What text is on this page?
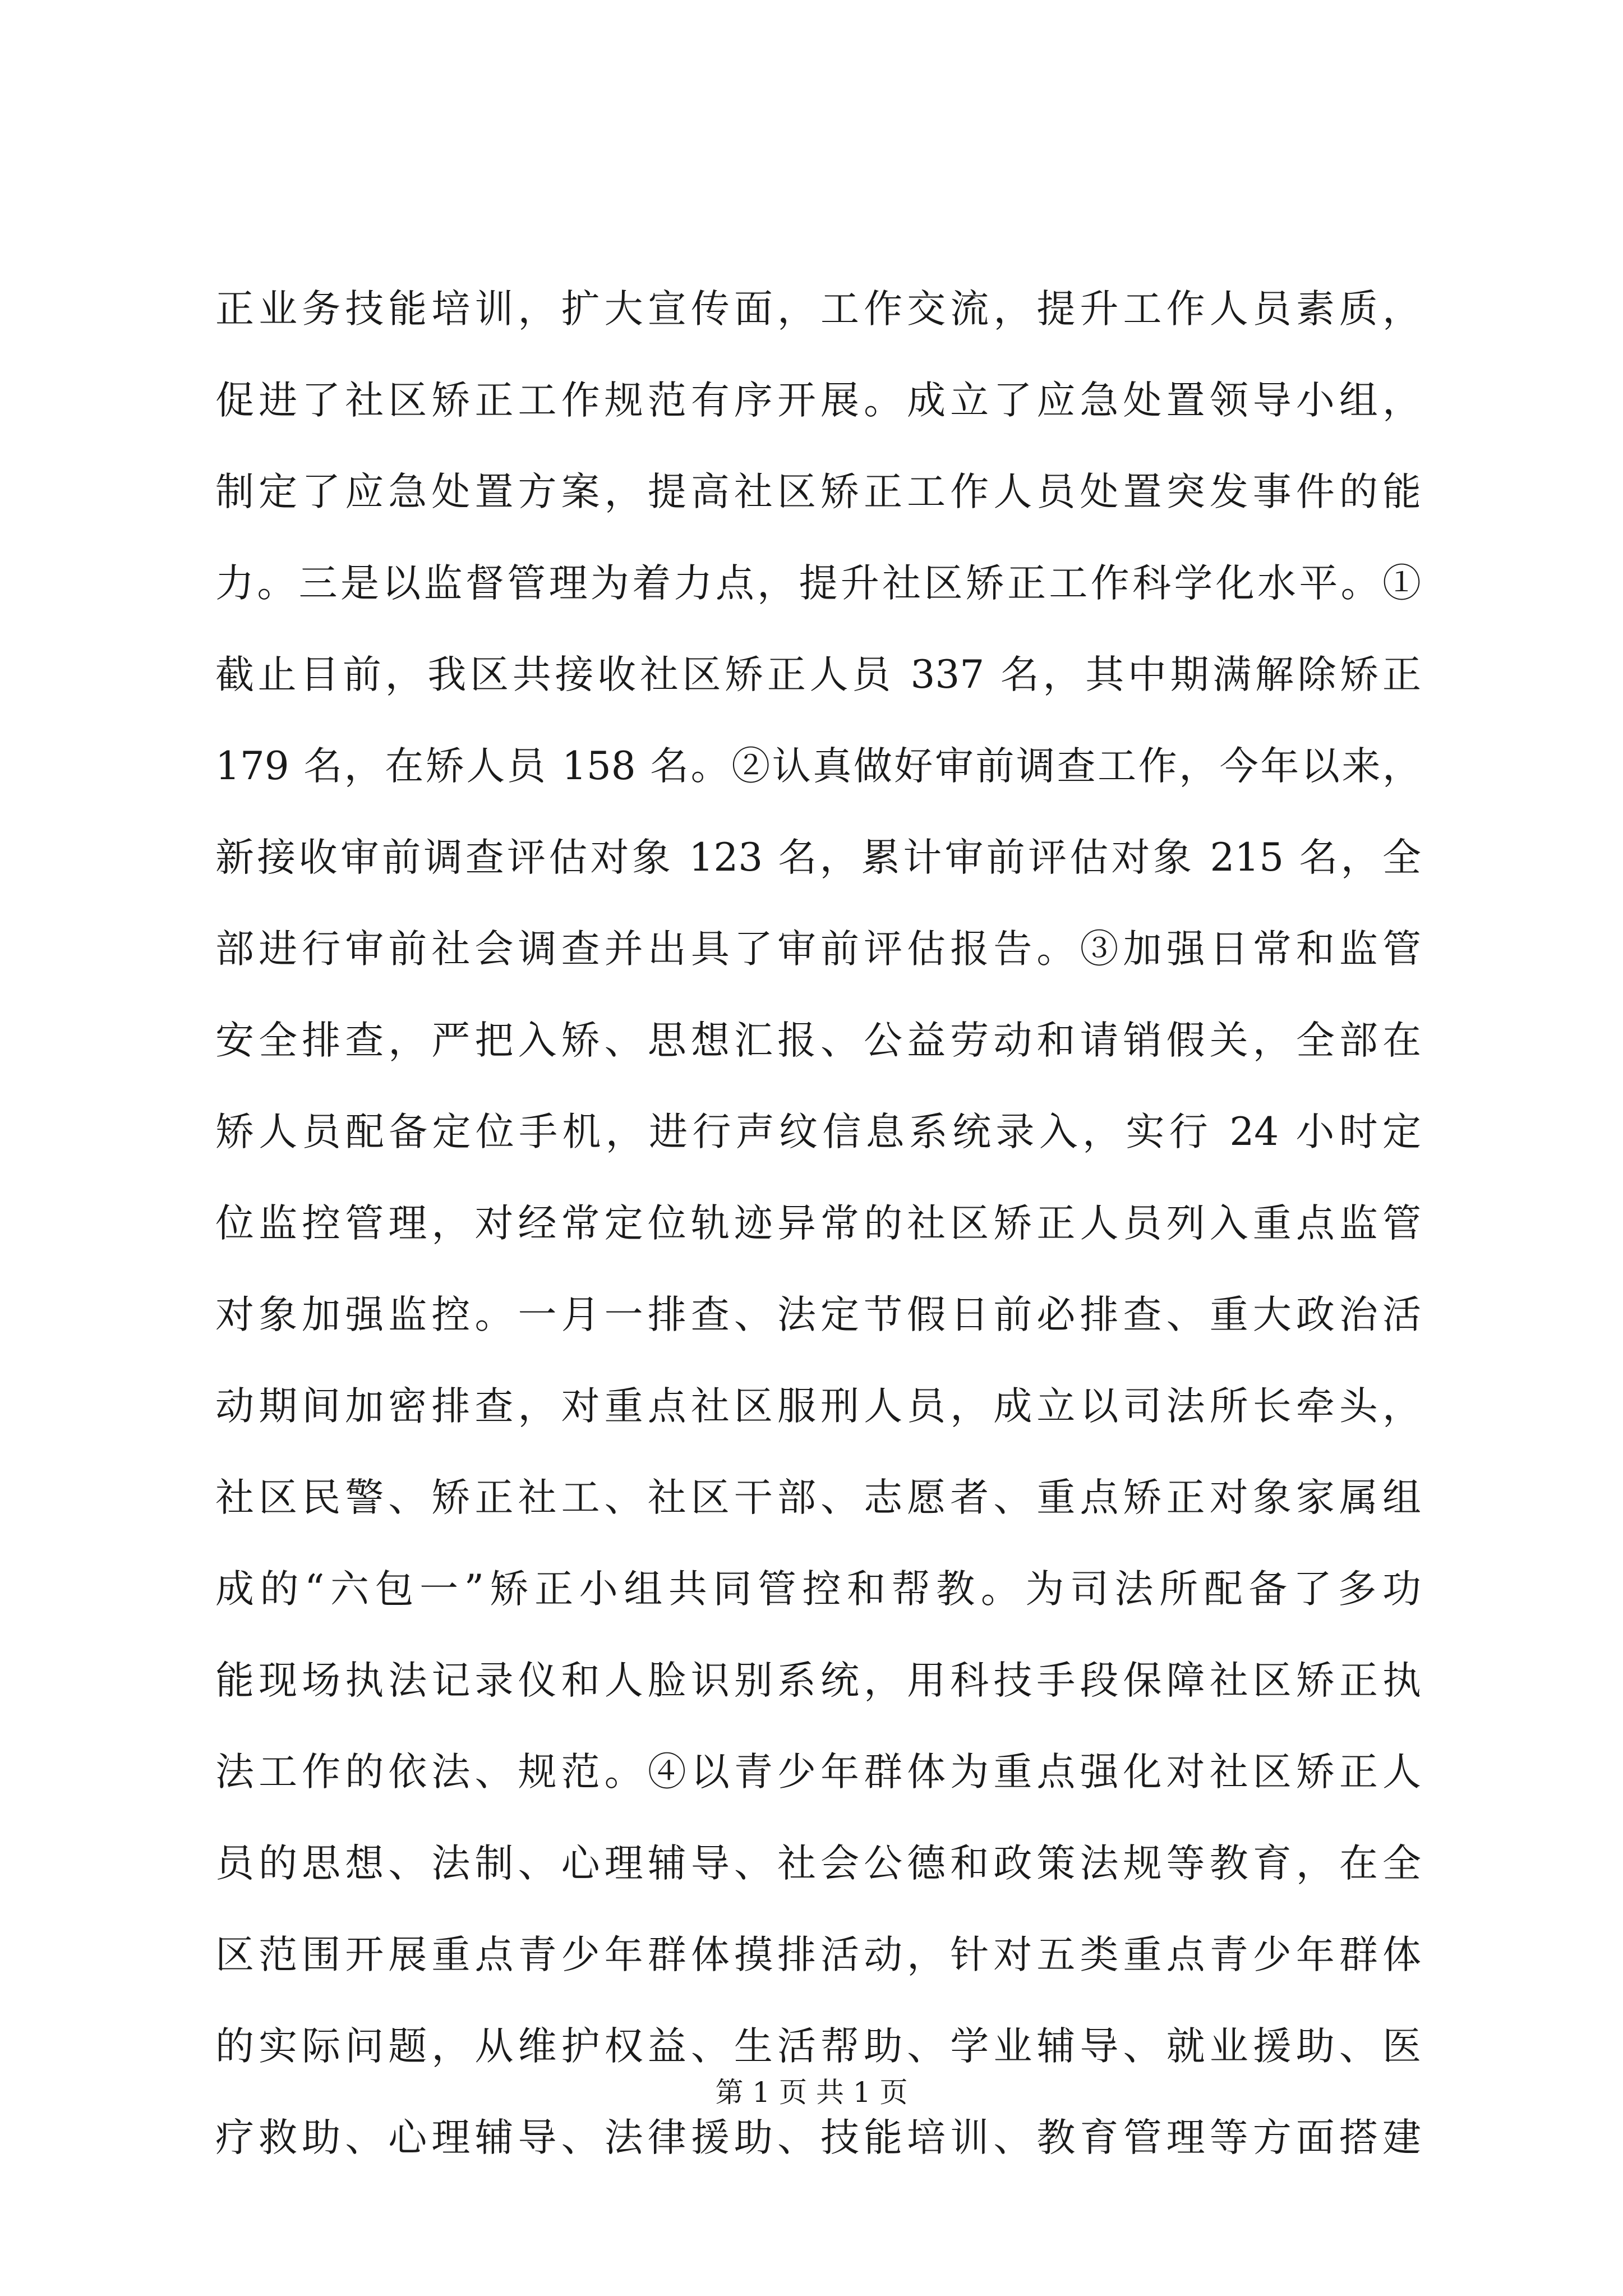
正业务技能培训，扩大宣传面，工作交流，提升工作人员素质，
促进了社区矫正工作规范有序开展。成立了应急处置领导小组，
制定了应急处置方案，提高社区矫正工作人员处置突发事件的能
力。三是以监督管理为着力点，提升社区矫正工作科学化水平。①
截止目前，我区共接收社区矫正人员 337 名，其中期满解除矫正
179 名，在矫人员 158 名。②认真做好审前调查工作，今年以来，
新接收审前调查评估对象 123 名，累计审前评估对象 215 名，全
部进行审前社会调查并出具了审前评估报告。③加强日常和监管
安全排查，严把入矫、思想汇报、公益劳动和请销假关，全部在
矫人员配备定位手机，进行声纹信息系统录入，实行 24 小时定
位监控管理，对经常定位轨迹异常的社区矫正人员列入重点监管
对象加强监控。一月一排查、法定节假日前必排查、重大政治活
动期间加密排查，对重点社区服刑人员，成立以司法所长牵头，
社区民警、矫正社工、社区干部、志愿者、重点矫正对象家属组
成的“六包一”矫正小组共同管控和帮教。为司法所配备了多功
能现场执法记录仪和人脸识别系统，用科技手段保障社区矫正执
法工作的依法、规范。④以青少年群体为重点强化对社区矫正人
员的思想、法制、心理辅导、社会公德和政策法规等教育，在全
区范围开展重点青少年群体摸排活动，针对五类重点青少年群体
的实际问题，从维护权益、生活帮助、学业辅导、就业援助、医
疗救助、心理辅导、法律援助、技能培训、教育管理等方面搭建
第 1 页 共 1 页
